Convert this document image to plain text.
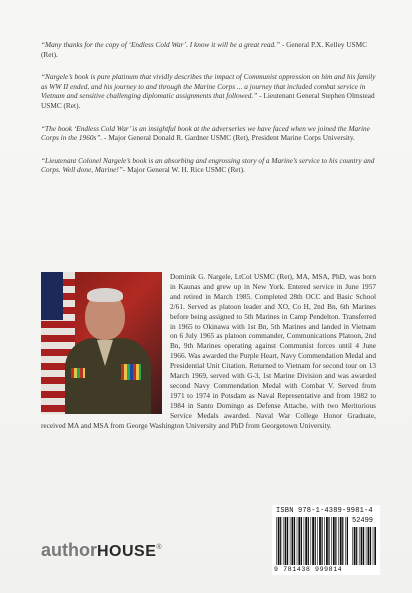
“Many thanks for the copy of ‘Endless Cold War’. I know it will be a great read.” - General P.X. Kelley USMC (Ret).

“Nargele’s book is pure platinum that vividly describes the impact of Communist oppression on him and his family as WW II ended, and his journey to and through the Marine Corps ... a journey that included combat service in Vietnam and sensitive challenging diplomatic assignments that followed.” - Lieutenant General Stephen Olmstead USMC (Ret).

“The book ‘Endless Cold War’ is an insightful book at the adverseries we have faced when we joined the Marine Corps in the 1960s”. - Major General Donald R. Gardner USMC (Ret), President Marine Corps University.

“Lieutenant Colonel Nargele’s book is an absorbing and engrossing story of a Marine’s service to his country and Corps. Well done, Marine!”- Major General W. H. Rice USMC (Ret).

Dominik G. Nargele, LtCol USMC (Ret), MA, MSA, PhD, was born in Kaunas and grew up in New York. Entered service in June 1957 and retired in March 1985. Completed 28th OCC and Basic School 2/61. Served as platoon leader and XO, Co H, 2nd Bn, 6th Marines before being assigned to 5th Marines in Camp Pendelton. Transferred in 1965 to Okinawa with 1st Bn, 5th Marines and landed in Vietnam on 6 July 1965 as platoon commander, Communications Platoon, 2nd Bn, 9th Marines operating against Communist forces until 4 June 1966. Was awarded the Purple Heart, Navy Commendation Medal and Presidential Unit Citation. Returned to Vietnam for second tour on 13 March 1969, served with G-3, 1st Marine Division and was awarded second Navy Commendation Medal with Combat V. Served from 1971 to 1974 in Potsdam as Naval Representative and from 1982 to 1984 in Santo Domingo as Defense Attache, with two Meritorious Service Medals awarded. Naval War College Honor Graduate, received MA and MSA from George Washington University and PhD from Georgetown University.

authorHOUSE®
ISBN 978-1-4389-9981-4
52499
9 781438 999814
